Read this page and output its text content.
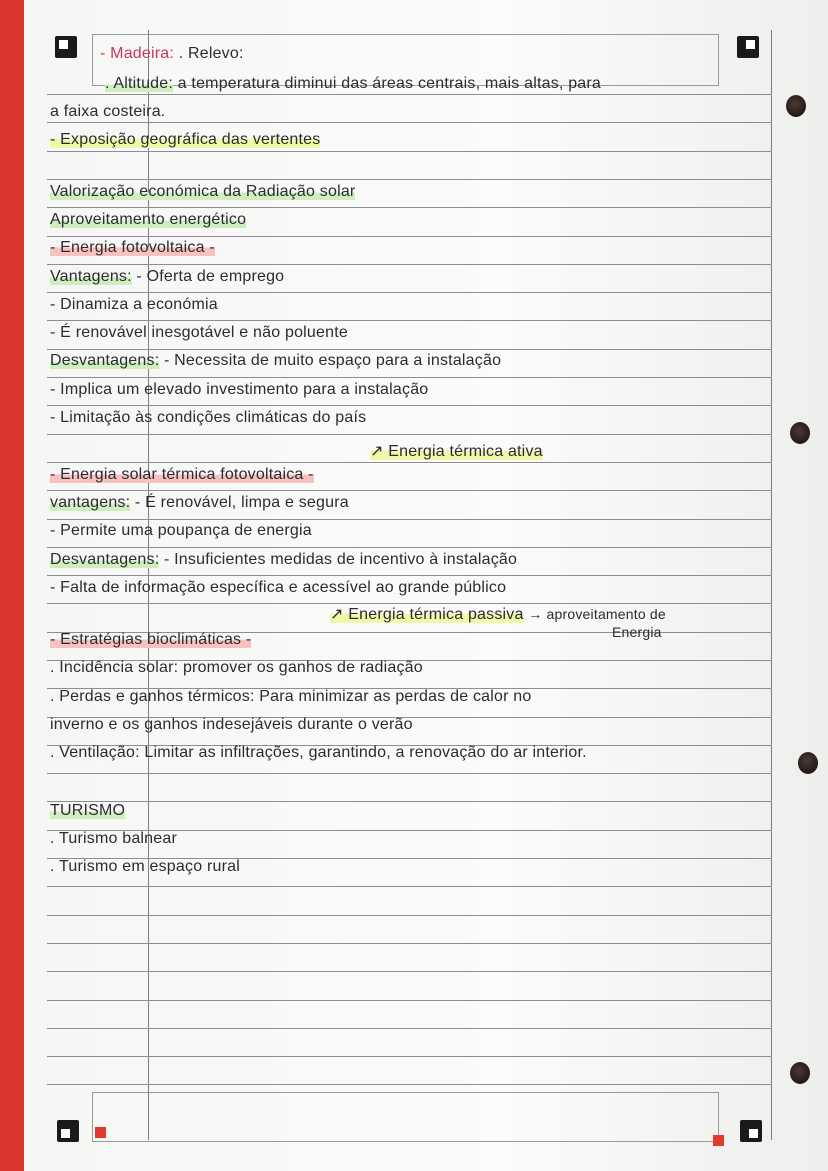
- Madeira: . Relevo:
. Altitude: a temperatura diminui das áreas centrais, mais altas, para
a faixa costeira.
- Exposição geográfica das vertentes
Valorização económica da Radiação solar
Aproveitamento energético
- Energia fotovoltaica -
Vantagens: - Oferta de emprego
- Dinamiza a económia
- É renovável inesgotável e não poluente
Desvantagens: - Necessita de muito espaço para a instalação
- Implica um elevado investimento para a instalação
- Limitação às condições climáticas do país
↗ Energia térmica ativa
- Energia solar térmica fotovoltaica -
vantagens: - É renovável, limpa e segura
- Permite uma poupança de energia
Desvantagens: - Insuficientes medidas de incentivo à instalação
- Falta de informação específica e acessível ao grande público
↗ Energia térmica passiva → aproveitamento de
Energia
- Estratégias bioclimáticas -
. Incidência solar: promover os ganhos de radiação
. Perdas e ganhos térmicos: Para minimizar as perdas de calor no
inverno e os ganhos indesejáveis durante o verão
. Ventilação: Limitar as infiltrações, garantindo, a renovação do ar interior.
TURISMO
. Turismo balnear
. Turismo em espaço rural
